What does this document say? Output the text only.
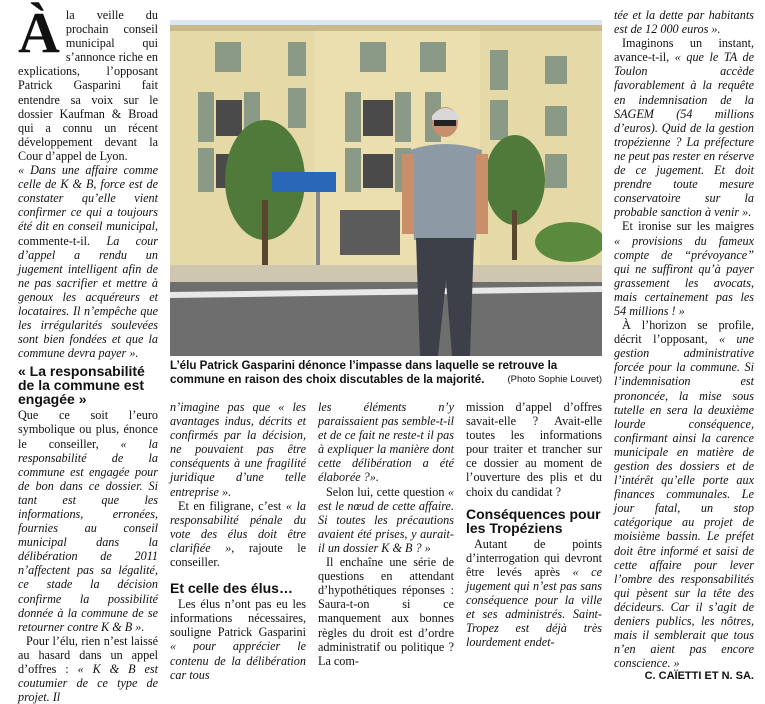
Àla veille du prochain conseil municipal qui s’annonce riche en explications, l’opposant Patrick Gasparini fait entendre sa voix sur le dossier Kaufman & Broad qui a connu un récent développement devant la Cour d’appel de Lyon.

« Dans une affaire comme celle de K & B, force est de constater qu’elle vient confirmer ce qui a toujours été dit en conseil municipal, commente-t-il. La cour d’appel a rendu un jugement intelligent afin de ne pas sacrifier et mettre à genoux les acquéreurs et locataires. Il n’empêche que les irrégularités soulevées sont bien fondées et que la commune devra payer ».

« La responsabilité de la commune est engagée »

Que ce soit l’euro symbolique ou plus, énonce le conseiller, « la responsabilité de la commune est engagée pour de bon dans ce dossier. Si tant est que les informations, erronées, fournies au conseil municipal dans la délibération de 2011 n’affectent pas sa légalité, ce stade la décision confirme la possibilité donnée à la commune de se retourner contre K & B ».

Pour l’élu, rien n’est laissé au hasard dans un appel d’offres : « K & B est coutumier de ce type de projet. Il

L’élu Patrick Gasparini dénonce l’impasse dans laquelle se retrouve la commune en raison des choix discutables de la majorité.	(Photo Sophie Louvet)

n’imagine pas que « les avantages indus, décrits et confirmés par la décision, ne pouvaient pas être conséquents à une fragilité juridique d’une telle entreprise ».

Et en filigrane, c’est « la responsabilité pénale du vote des élus doit être clarifiée », rajoute le conseiller.

Et celle des élus…

Les élus n’ont pas eu les informations nécessaires, souligne Patrick Gasparini « pour apprécier le contenu de la délibération car tous

les éléments n’y paraissaient pas semble-t-il et de ce fait ne reste-t il pas à expliquer la manière dont cette délibération a été élaborée ?».

Selon lui, cette question « est le nœud de cette affaire. Si toutes les précautions avaient été prises, y aurait-il un dossier K & B ? »

Il enchaîne une série de questions en attendant d’hypothétiques réponses : Saura-t-on si ce manquement aux bonnes règles du droit est d’ordre administratif ou politique ? La com-

mission d’appel d’offres savait-elle ? Avait-elle toutes les informations pour traiter et trancher sur ce dossier au moment de l’ouverture des plis et du choix du candidat ?

Conséquences pour les Tropéziens

Autant de points d’interrogation qui devront être levés après « ce jugement qui n’est pas sans conséquence pour la ville et ses administrés. Saint-Tropez est déjà très lourdement endet-

tée et la dette par habitants est de 12 000 euros ».

Imaginons un instant, avance-t-il, « que le TA de Toulon accède favorablement à la requête en indemnisation de la SAGEM (54 millions d’euros). Quid de la gestion tropézienne ? La préfecture ne peut pas rester en réserve de ce jugement. Et doit prendre toute mesure conservatoire sur la probable sanction à venir ».

Et ironise sur les maigres « provisions du fameux compte de “prévoyance” qui ne suffiront qu’à payer grassement les avocats, mais certainement pas les 54 millions ! »

À l’horizon se profile, décrit l’opposant, « une gestion administrative forcée pour la commune. Si l’indemnisation est prononcée, la mise sous tutelle en sera la deuxième lourde conséquence, confirmant ainsi la carence municipale en matière de gestion des dossiers et de l’intérêt qu’elle porte aux finances communales. Le jour fatal, un stop catégorique au projet de moisième bassin. Le préfet doit être informé et saisi de cette affaire pour lever l’ombre des responsabilités qui pèsent sur la tête des décideurs. Car il s’agit de deniers publics, les nôtres, mais il semblerait que tous n’en aient pas encore conscience. »

C. CAÏETTI ET N. SA.
